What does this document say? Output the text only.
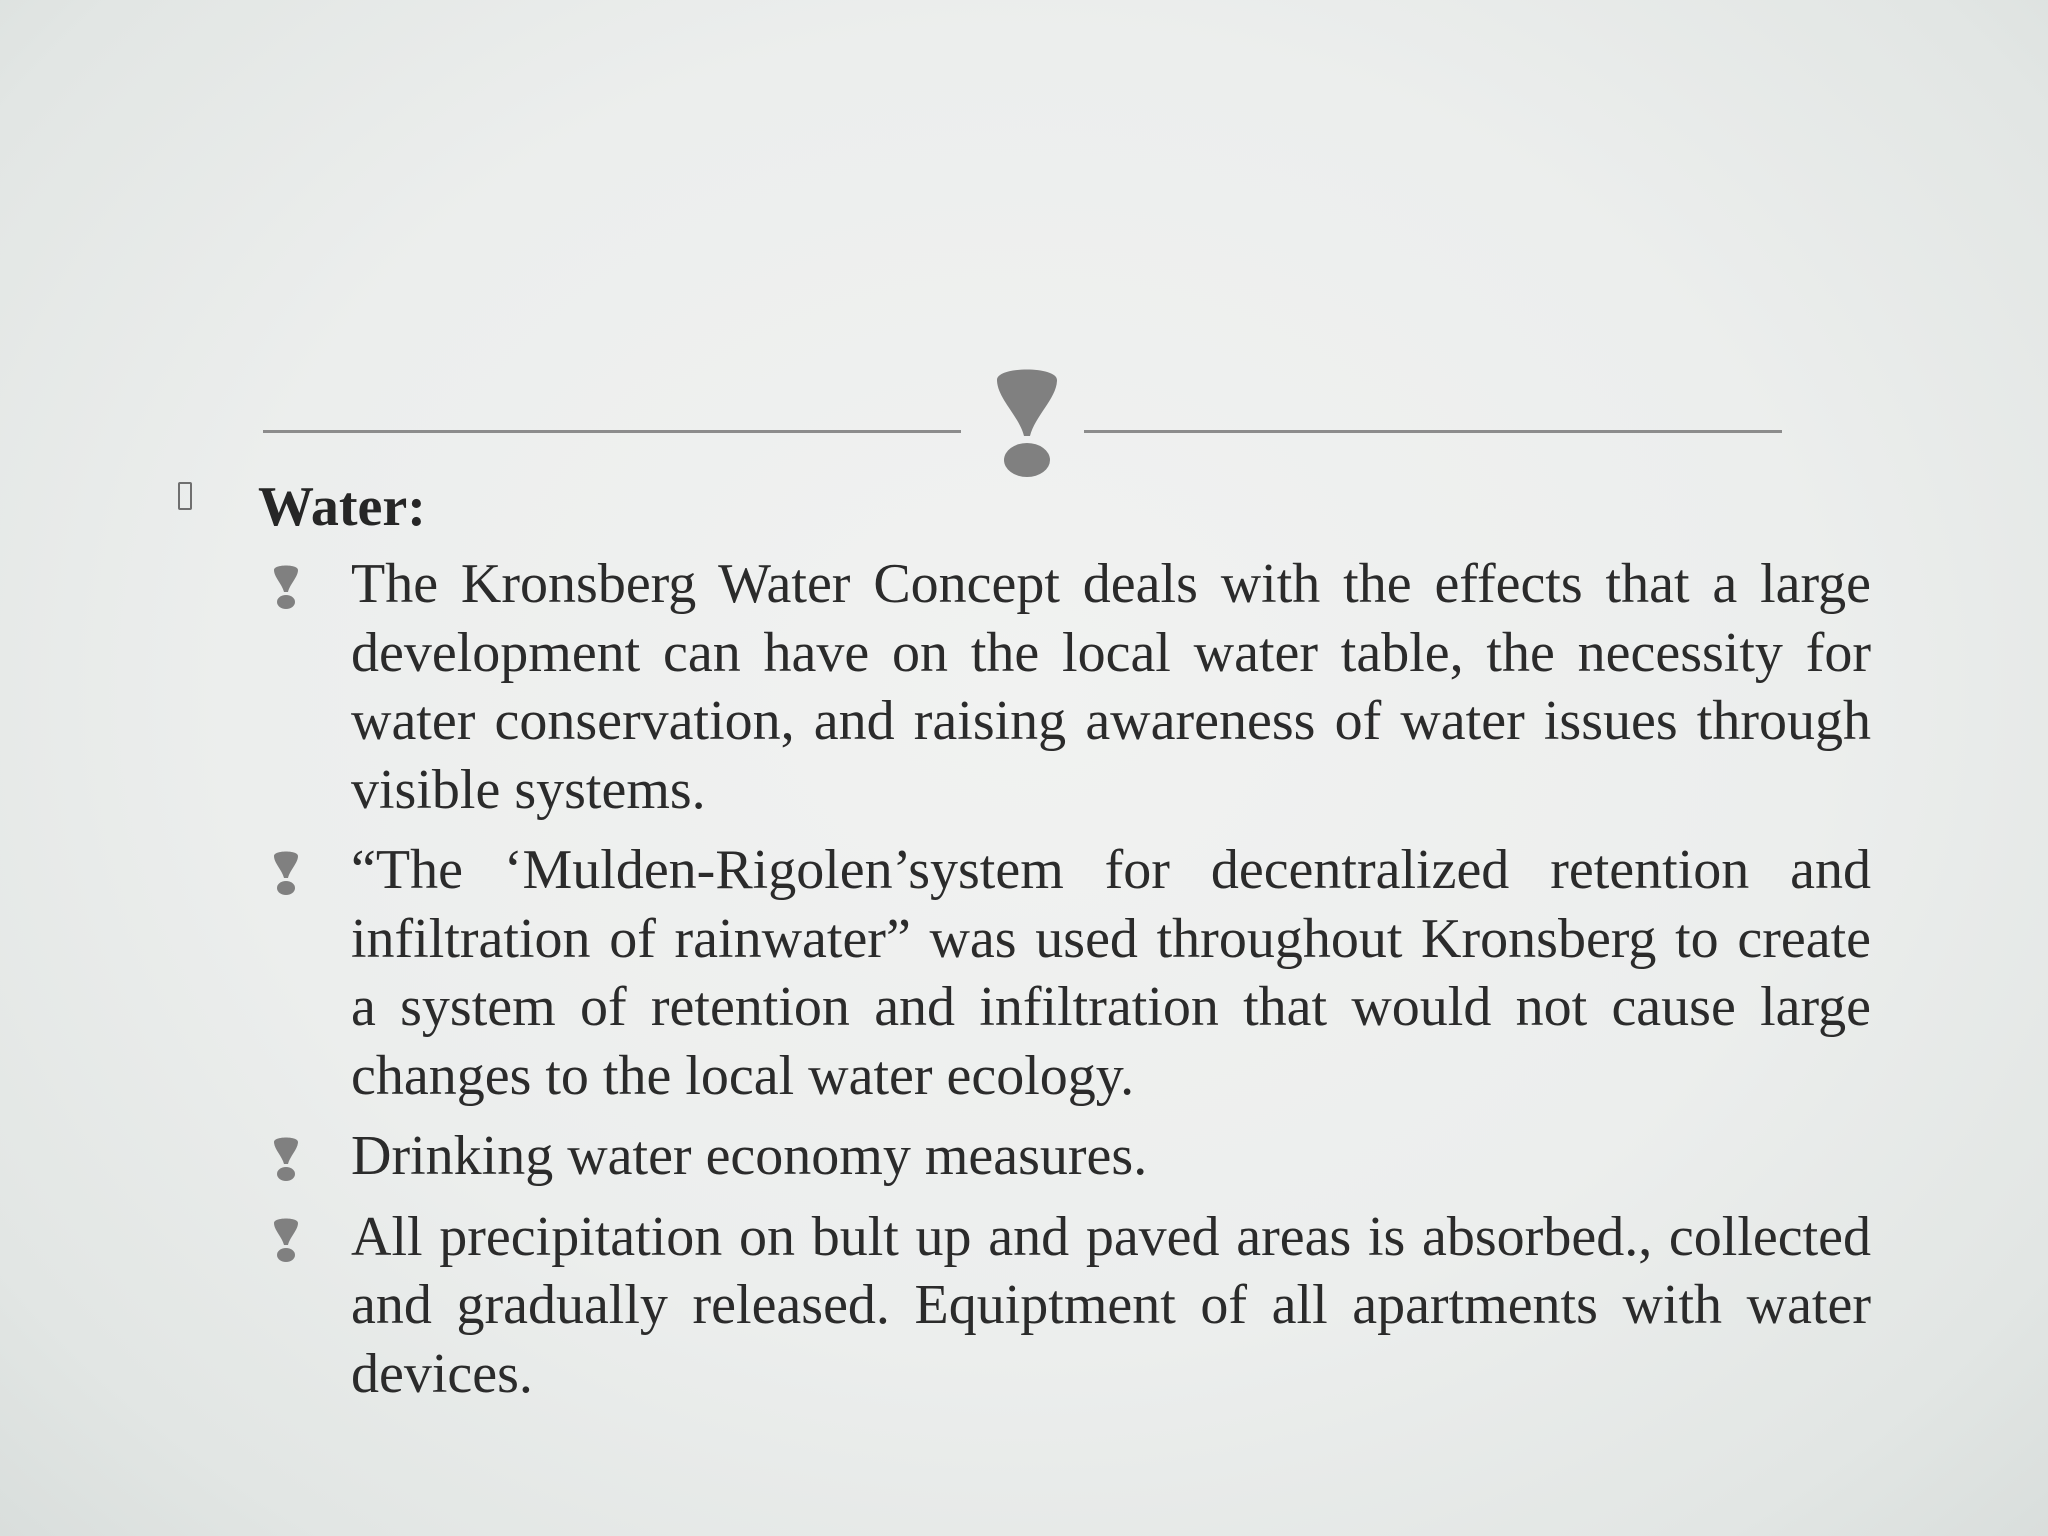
Water:
The Kronsberg Water Concept deals with the effects that a large development can have on the local water table, the necessity for water conservation, and raising awareness of water issues through visible systems.
“The ‘Mulden-Rigolen’system for decentralized retention and infiltration of rainwater” was used throughout Kronsberg to create a system of retention and infiltration that would not cause large changes to the local water ecology.
Drinking water economy measures.
All precipitation on bult up and paved areas is absorbed., collected and gradually released. Equiptment of all apartments with water devices.
